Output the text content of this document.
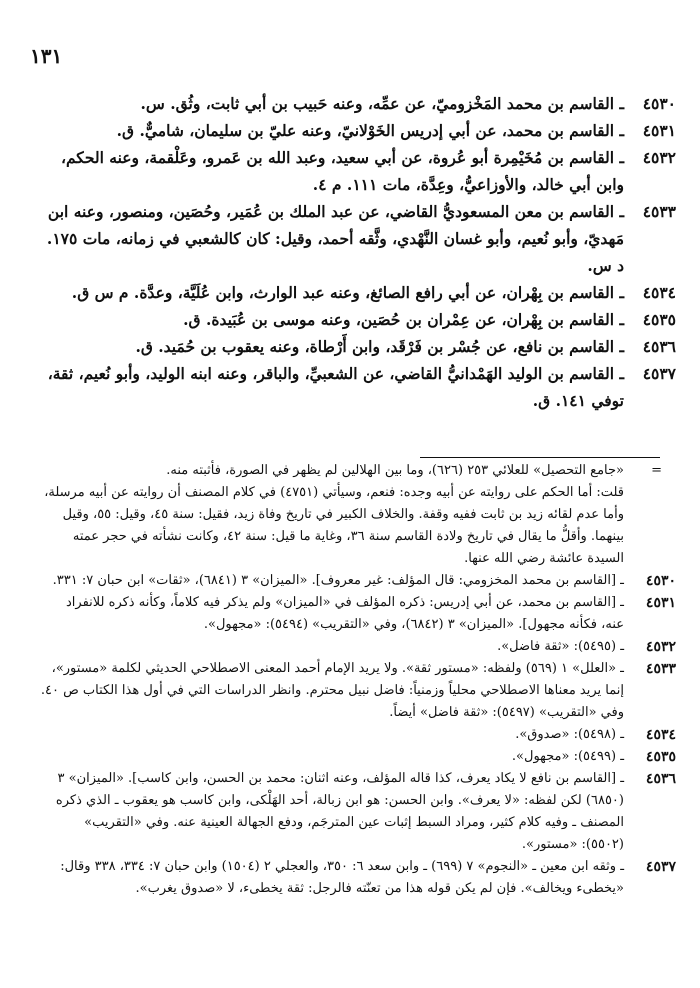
١٣١

٤٥٣٠
ـ القاسم بن محمد المَخْزوميّ، عن عمِّه، وعنه حَبيب بن أبي ثابت، وثُق. س.

٤٥٣١
ـ القاسم بن محمد، عن أبي إدريس الخَوْلانيّ، وعنه عليّ بن سليمان، شاميٌّ. ق.

٤٥٣٢
ـ القاسم بن مُخَيْمِرة أبو عُروة، عن أبي سعيد، وعبد الله بن عَمرو، وعَلْقمة، وعنه الحكم، وابن أبي خالد، والأوزاعيُّ، وعِدَّة، مات ١١١. م ٤.

٤٥٣٣
ـ القاسم بن معن المسعوديُّ القاضي، عن عبد الملك بن عُمَير، وحُصَين، ومنصور، وعنه ابن مَهديّ، وأبو نُعيم، وأبو غسان النَّهْدي، وثَّقه أحمد، وقيل: كان كالشعبي في زمانه، مات ١٧٥. د س.

٤٥٣٤
ـ القاسم بن بِهْران، عن أبي رافع الصائغ، وعنه عبد الوارث، وابن عُلَيَّة، وعدَّة. م س ق.

٤٥٣٥
ـ القاسم بن بِهْران، عن عِمْران بن حُصَين، وعنه موسى بن عُبَيدة. ق.

٤٥٣٦
ـ القاسم بن نافع، عن جُسْر بن فَرْقَد، وابن أَرْطاة، وعنه يعقوب بن حُمَيد. ق.

٤٥٣٧
ـ القاسم بن الوليد الهَمْدانيُّ القاضي، عن الشعبيِّ، والباقر، وعنه ابنه الوليد، وأبو نُعيم، ثقة، توفي ١٤١. ق.

=
«جامع التحصيل» للعلائي ٢٥٣ (٦٢٦)، وما بين الهلالين لم يظهر في الصورة، فأثبته منه.

قلت: أما الحكم على روايته عن أبيه وجده: فنعم، وسيأتي (٤٧٥١) في كلام المصنف أن روايته عن أبيه مرسلة، وأما عدم لقائه زيد بن ثابت ففيه وقفة. والخلاف الكبير في تاريخ وفاة زيد، فقيل: سنة ٤٥، وقيل: ٥٥، وقيل بينهما. وأقلُّ ما يقال في تاريخ ولادة القاسم سنة ٣٦، وغاية ما قيل: سنة ٤٢، وكانت نشأته في حجر عمته السيدة عائشة رضي الله عنها.

٤٥٣٠
ـ [القاسم بن محمد المخزومي: قال المؤلف: غير معروف]. «الميزان» ٣ (٦٨٤١)، «ثقات» ابن حبان ٧: ٣٣١.

٤٥٣١
ـ [القاسم بن محمد، عن أبي إدريس: ذكره المؤلف في «الميزان» ولم يذكر فيه كلاماً، وكأنه ذكره للانفراد عنه، فكأنه مجهول]. «الميزان» ٣ (٦٨٤٢)، وفي «التقريب» (٥٤٩٤): «مجهول».

٤٥٣٢
ـ (٥٤٩٥): «ثقة فاضل».

٤٥٣٣
ـ «العلل» ١ (٥٦٩) ولفظه: «مستور ثقة». ولا يريد الإمام أحمد المعنى الاصطلاحي الحديثي لكلمة «مستور»، إنما يريد معناها الاصطلاحي محلياً وزمنياً: فاضل نبيل محترم. وانظر الدراسات التي في أول هذا الكتاب ص ٤٠. وفي «التقريب» (٥٤٩٧): «ثقة فاضل» أيضاً.

٤٥٣٤
ـ (٥٤٩٨): «صدوق».

٤٥٣٥
ـ (٥٤٩٩): «مجهول».

٤٥٣٦
ـ [القاسم بن نافع لا يكاد يعرف، كذا قاله المؤلف، وعنه اثنان: محمد بن الحسن، وابن كاسب]. «الميزان» ٣ (٦٨٥٠) لكن لفظه: «لا يعرف». وابن الحسن: هو ابن زبالة، أحد الهَلْكى، وابن كاسب هو يعقوب ـ الذي ذكره المصنف ـ وفيه كلام كثير، ومراد السبط إثبات عين المترجَم، ودفع الجهالة العينية عنه. وفي «التقريب» (٥٥٠٢): «مستور».

٤٥٣٧
ـ وثقه ابن معين ـ «النجوم» ٧ (٦٩٩) ـ وابن سعد ٦: ٣٥٠، والعجلي ٢ (١٥٠٤) وابن حبان ٧: ٣٣٤، ٣٣٨ وقال: «يخطىء ويخالف». فإن لم يكن قوله هذا من تعنّته فالرجل: ثقة يخطىء، لا «صدوق يغرب».
